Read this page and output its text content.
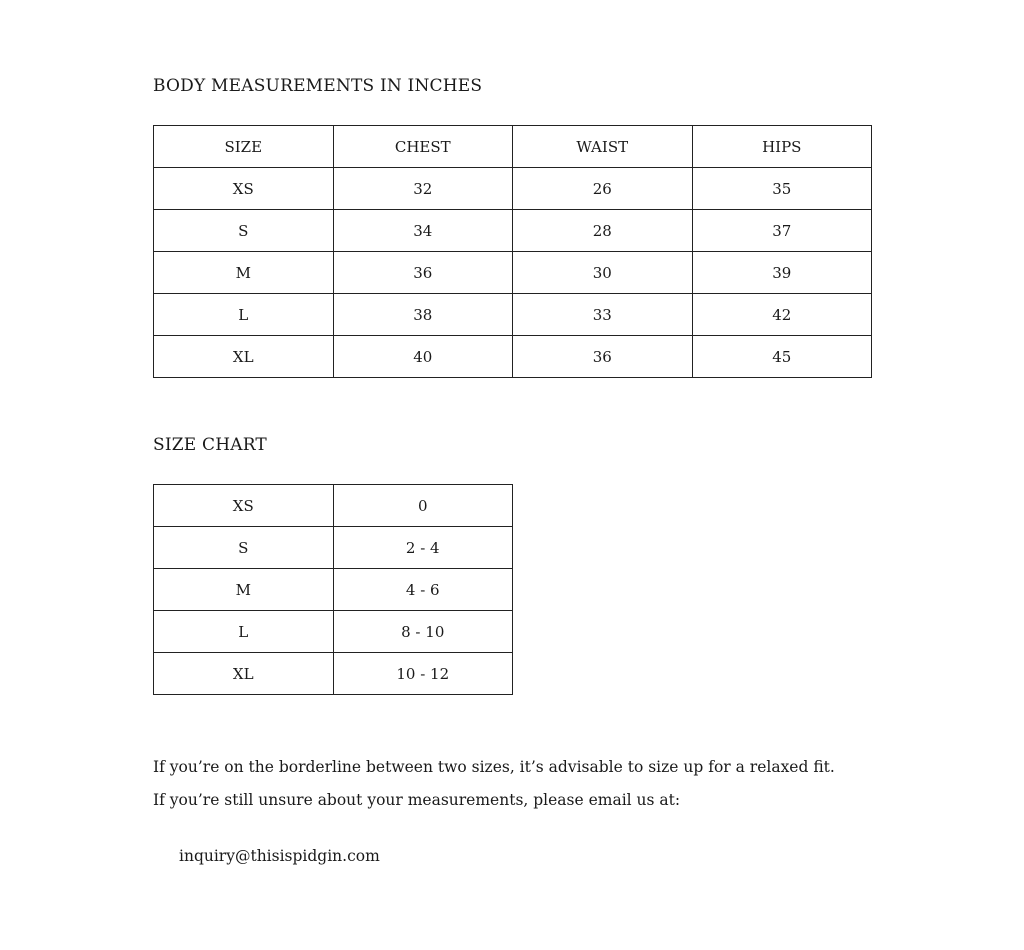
BODY MEASUREMENTS IN INCHES
SIZE	CHEST	WAIST	HIPS
XS	32	26	35
S	34	28	37
M	36	30	39
L	38	33	42
XL	40	36	45
SIZE CHART
XS	0
S	2 - 4
M	4 - 6
L	8 - 10
XL	10 - 12

If you’re on the borderline between two sizes, it’s advisable to size up for a relaxed fit.

If you’re still unsure about your measurements, please email us at:

inquiry@thisispidgin.com
